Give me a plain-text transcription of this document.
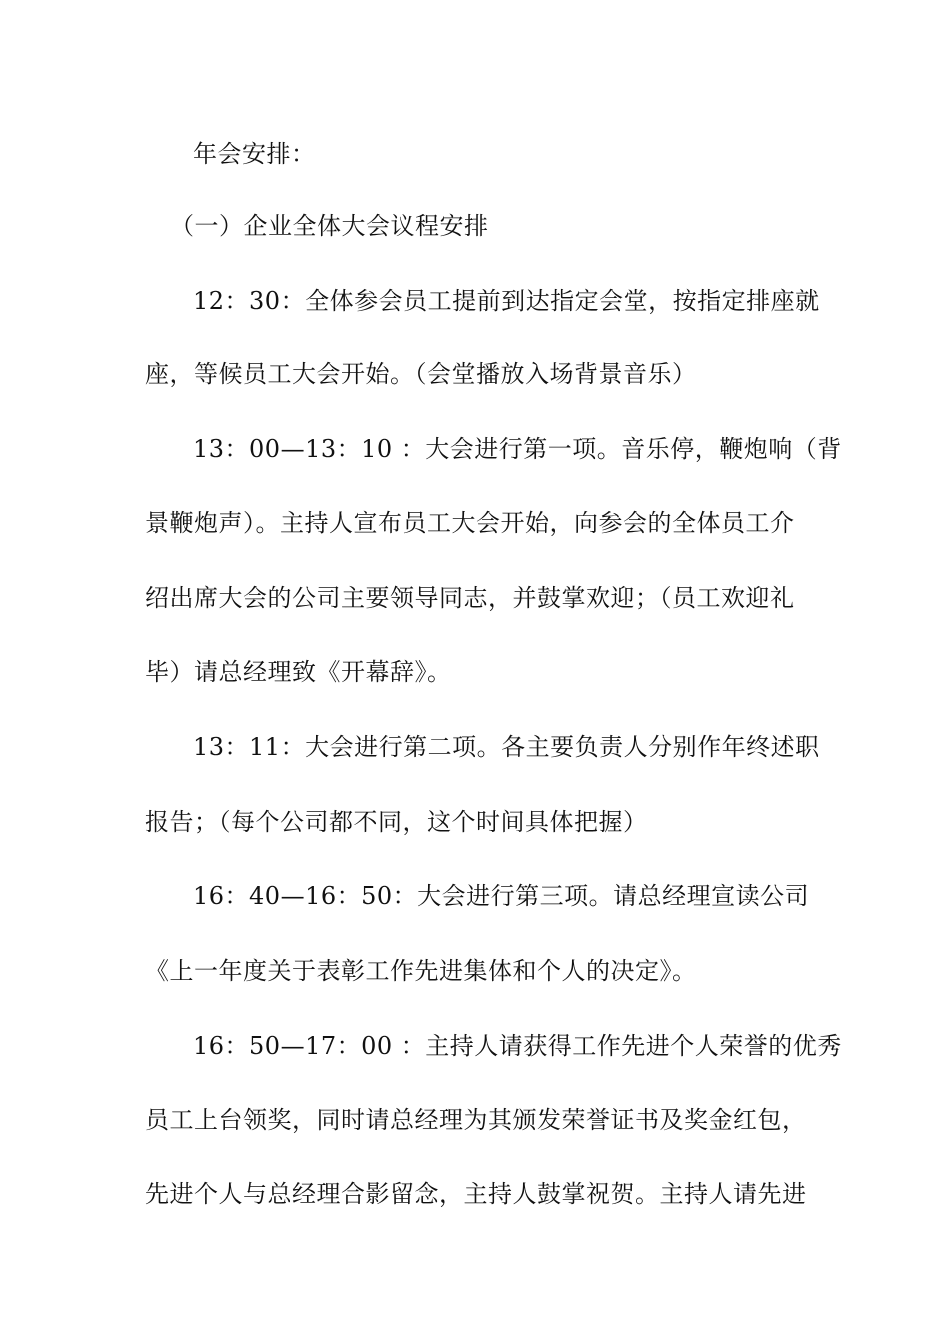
年会安排：
（一）企业全体大会议程安排
12：30：全体参会员工提前到达指定会堂，按指定排座就
座，等候员工大会开始。（会堂播放入场背景音乐）
13：00—13：10 ：大会进行第一项。音乐停，鞭炮响（背
景鞭炮声）。主持人宣布员工大会开始，向参会的全体员工介
绍出席大会的公司主要领导同志，并鼓掌欢迎；（员工欢迎礼
毕）请总经理致《开幕辞》。
13：11：大会进行第二项。各主要负责人分别作年终述职
报告；（每个公司都不同，这个时间具体把握）
16：40—16：50：大会进行第三项。请总经理宣读公司
《上一年度关于表彰工作先进集体和个人的决定》。
16：50—17：00 ：主持人请获得工作先进个人荣誉的优秀
员工上台领奖，同时请总经理为其颁发荣誉证书及奖金红包，
先进个人与总经理合影留念，主持人鼓掌祝贺。主持人请先进
